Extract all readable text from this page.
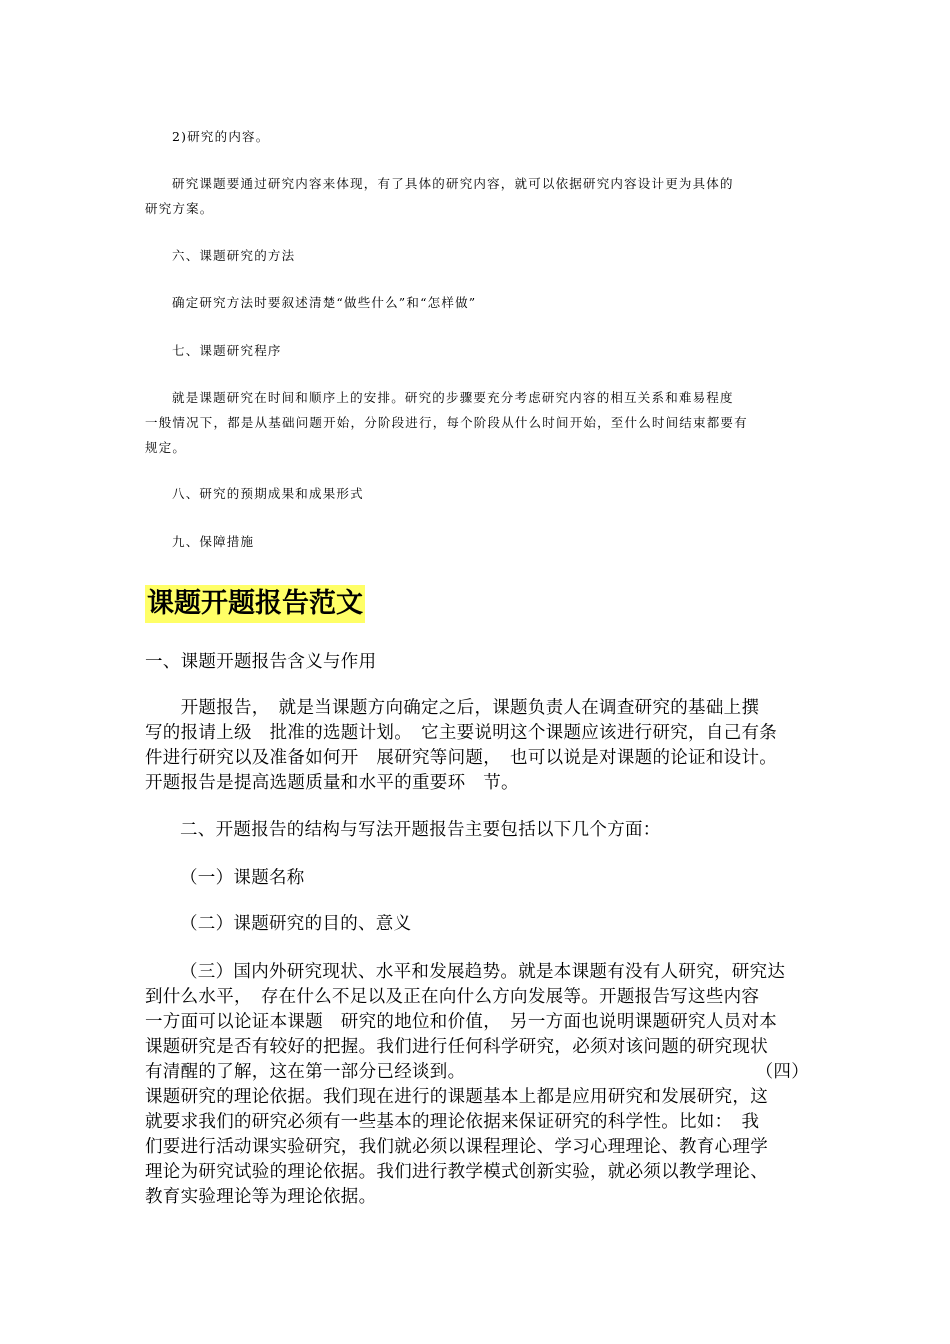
2)研究的内容。
研究课题要通过研究内容来体现，有了具体的研究内容，就可以依据研究内容设计更为具体的
研究方案。
六、课题研究的方法
确定研究方法时要叙述清楚“做些什么”和“怎样做”
七、课题研究程序
就是课题研究在时间和顺序上的安排。研究的步骤要充分考虑研究内容的相互关系和难易程度
一般情况下，都是从基础问题开始，分阶段进行，每个阶段从什么时间开始，至什么时间结束都要有
规定。
八、研究的预期成果和成果形式
九、保障措施
课题开题报告范文
一、课题开题报告含义与作用
　　开题报告，　就是当课题方向确定之后，课题负责人在调查研究的基础上撰
写的报请上级　批准的选题计划。　它主要说明这个课题应该进行研究，自己有条
件进行研究以及准备如何开　展研究等问题，　也可以说是对课题的论证和设计。
开题报告是提高选题质量和水平的重要环　节。
二、开题报告的结构与写法开题报告主要包括以下几个方面：
（一）课题名称
（二）课题研究的目的、意义
（三）国内外研究现状、水平和发展趋势。就是本课题有没有人研究，研究达
到什么水平，　存在什么不足以及正在向什么方向发展等。开题报告写这些内容
一方面可以论证本课题　研究的地位和价值，　另一方面也说明课题研究人员对本
课题研究是否有较好的把握。我们进行任何科学研究，必须对该问题的研究现状
有清醒的了解，这在第一部分已经谈到。	（四）
课题研究的理论依据。我们现在进行的课题基本上都是应用研究和发展研究，这
就要求我们的研究必须有一些基本的理论依据来保证研究的科学性。比如：　我
们要进行活动课实验研究，我们就必须以课程理论、学习心理理论、教育心理学
理论为研究试验的理论依据。我们进行教学模式创新实验，就必须以教学理论、
教育实验理论等为理论依据。
